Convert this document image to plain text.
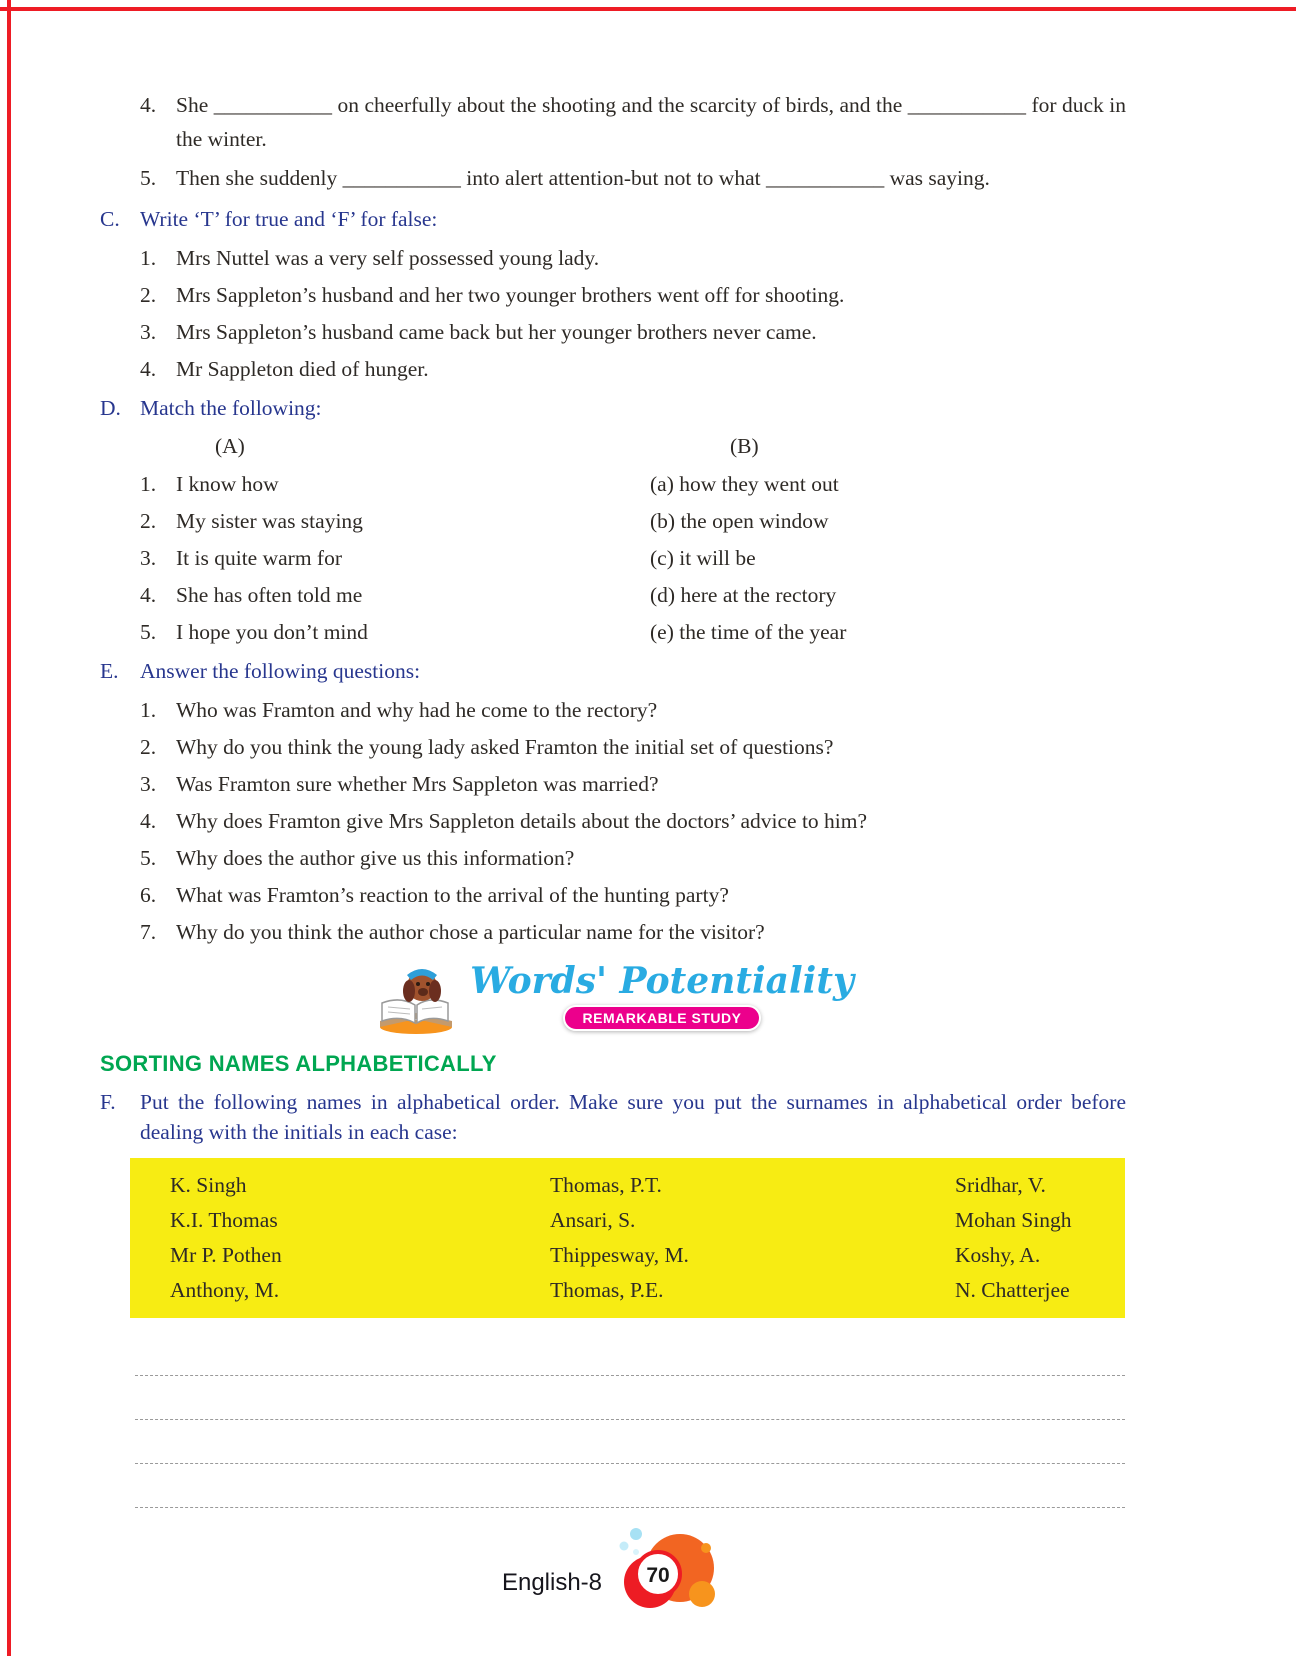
4. She ___________ on cheerfully about the shooting and the scarcity of birds, and the ___________ for duck in the winter.
5. Then she suddenly ___________ into alert attention-but not to what ___________ was saying.
C. Write ‘T’ for true and ‘F’ for false:
1. Mrs Nuttel was a very self possessed young lady.
2. Mrs Sappleton’s husband and her two younger brothers went off for shooting.
3. Mrs Sappleton’s husband came back but her younger brothers never came.
4. Mr Sappleton died of hunger.
D. Match the following:
(A)	(B)
1. I know how	(a) how they went out
2. My sister was staying	(b) the open window
3. It is quite warm for	(c) it will be
4. She has often told me	(d) here at the rectory
5. I hope you don’t mind	(e) the time of the year
E. Answer the following questions:
1. Who was Framton and why had he come to the rectory?
2. Why do you think the young lady asked Framton the initial set of questions?
3. Was Framton sure whether Mrs Sappleton was married?
4. Why does Framton give Mrs Sappleton details about the doctors’ advice to him?
5. Why does the author give us this information?
6. What was Framton’s reaction to the arrival of the hunting party?
7. Why do you think the author chose a particular name for the visitor?
Words' Potentiality
REMARKABLE STUDY
SORTING NAMES ALPHABETICALLY
F.	Put the following names in alphabetical order. Make sure you put the surnames in alphabetical order before dealing with the initials in each case:
K. Singh	Thomas, P.T.	Sridhar, V.
K.I. Thomas	Ansari, S.	Mohan Singh
Mr P. Pothen	Thippesway, M.	Koshy, A.
Anthony, M.	Thomas, P.E.	N. Chatterjee
English-8 70
